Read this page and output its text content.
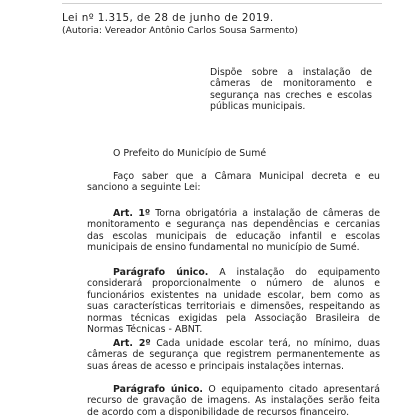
Lei nº 1.315, de 28 de junho de 2019.
(Autoria: Vereador Antônio Carlos Sousa Sarmento)
Dispõe sobre a instalação de câmeras de monitoramento e segurança nas creches e escolas públicas municipais.
O Prefeito do Município de Sumé
Faço saber que a Câmara Municipal decreta e eu sanciono a seguinte Lei:
Art. 1º Torna obrigatória a instalação de câmeras de monitoramento e segurança nas dependências e cercanias das escolas municipais de educação infantil e escolas municipais de ensino fundamental no município de Sumé.
Parágrafo único. A instalação do equipamento considerará proporcionalmente o número de alunos e funcionários existentes na unidade escolar, bem como as suas características territoriais e dimensões, respeitando as normas técnicas exigidas pela Associação Brasileira de Normas Técnicas - ABNT.
Art. 2º Cada unidade escolar terá, no mínimo, duas câmeras de segurança que registrem permanentemente as suas áreas de acesso e principais instalações internas.
Parágrafo único. O equipamento citado apresentará recurso de gravação de imagens. As instalações serão feita de acordo com a disponibilidade de recursos financeiro.
